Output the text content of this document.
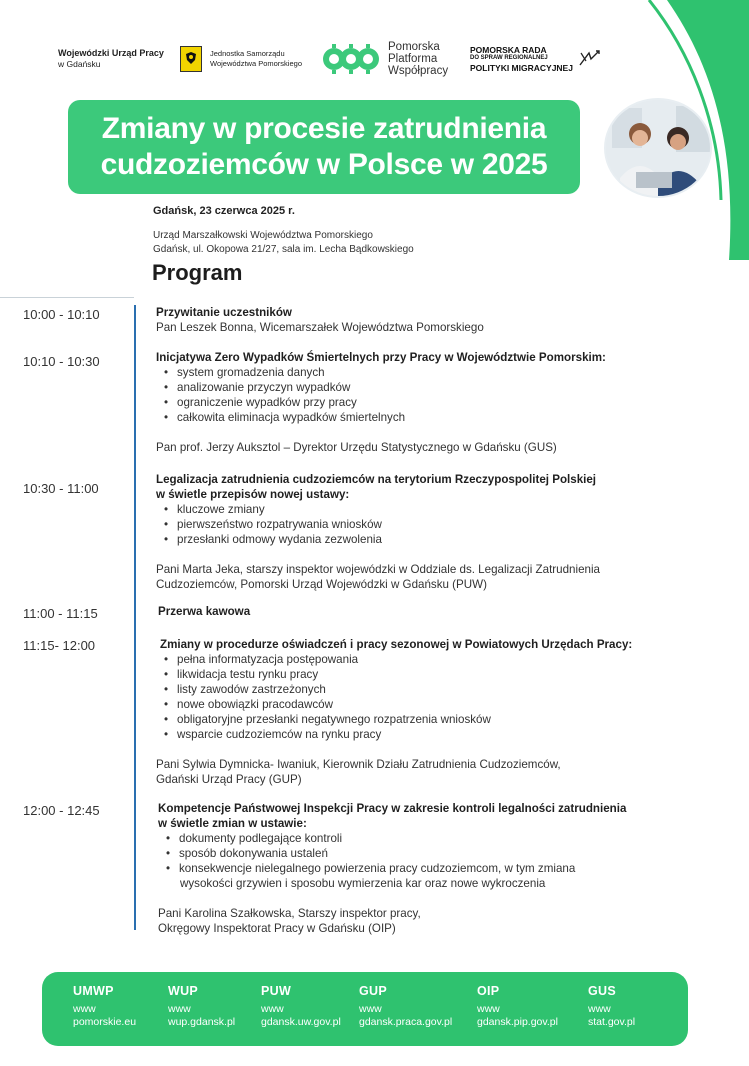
Wojewódzki Urząd Pracy
w Gdańsku
Jednostka Samorządu
Województwa Pomorskiego
Pomorska
Platforma
Współpracy
POMORSKA RADA
DO SPRAW REGIONALNEJ
POLITYKI MIGRACYJNEJ
Zmiany w procesie zatrudnienia
cudzoziemców w Polsce w 2025
Gdańsk, 23 czerwca 2025 r.
Urząd Marszałkowski Województwa Pomorskiego
Gdańsk, ul. Okopowa 21/27, sala im. Lecha Bądkowskiego
Program
10:00 - 10:10	Przywitanie uczestników
Pan Leszek Bonna, Wicemarszałek Województwa Pomorskiego
10:10 - 10:30	Inicjatywa Zero Wypadków Śmiertelnych przy Pracy w Województwie Pomorskim:
• system gromadzenia danych
• analizowanie przyczyn wypadków
• ograniczenie wypadków przy pracy
• całkowita eliminacja wypadków śmiertelnych
Pan prof. Jerzy Auksztol – Dyrektor Urzędu Statystycznego w Gdańsku (GUS)
10:30 - 11:00
Legalizacja zatrudnienia cudzoziemców na terytorium Rzeczypospolitej Polskiej
w świetle przepisów nowej ustawy:
• kluczowe zmiany
• pierwszeństwo rozpatrywania wniosków
• przesłanki odmowy wydania zezwolenia
Pani Marta Jeka, starszy inspektor wojewódzki w Oddziale ds. Legalizacji Zatrudnienia
Cudzoziemców, Pomorski Urząd Wojewódzki w Gdańsku (PUW)
11:00 - 11:15	Przerwa kawowa
11:15- 12:00	Zmiany w procedurze oświadczeń i pracy sezonowej w Powiatowych Urzędach Pracy:
• pełna informatyzacja postępowania
• likwidacja testu rynku pracy
• listy zawodów zastrzeżonych
• nowe obowiązki pracodawców
• obligatoryjne przesłanki negatywnego rozpatrzenia wniosków
• wsparcie cudzoziemców na rynku pracy
Pani Sylwia Dymnicka- Iwaniuk, Kierownik Działu Zatrudnienia Cudzoziemców,
Gdański Urząd Pracy (GUP)
12:00 - 12:45	Kompetencje Państwowej Inspekcji Pracy w zakresie kontroli legalności zatrudnienia
w świetle zmian w ustawie:
• dokumenty podlegające kontroli
• sposób dokonywania ustaleń
• konsekwencje nielegalnego powierzenia pracy cudzoziemcom, w tym zmiana
wysokości grzywien i sposobu wymierzenia kar oraz nowe wykroczenia
Pani Karolina Szałkowska, Starszy inspektor pracy,
Okręgowy Inspektorat Pracy w Gdańsku (OIP)
UMWP
www
pomorskie.eu
WUP
www
wup.gdansk.pl
PUW
www
gdansk.uw.gov.pl
GUP
www
gdansk.praca.gov.pl
OIP
www
gdansk.pip.gov.pl
GUS
www
stat.gov.pl
